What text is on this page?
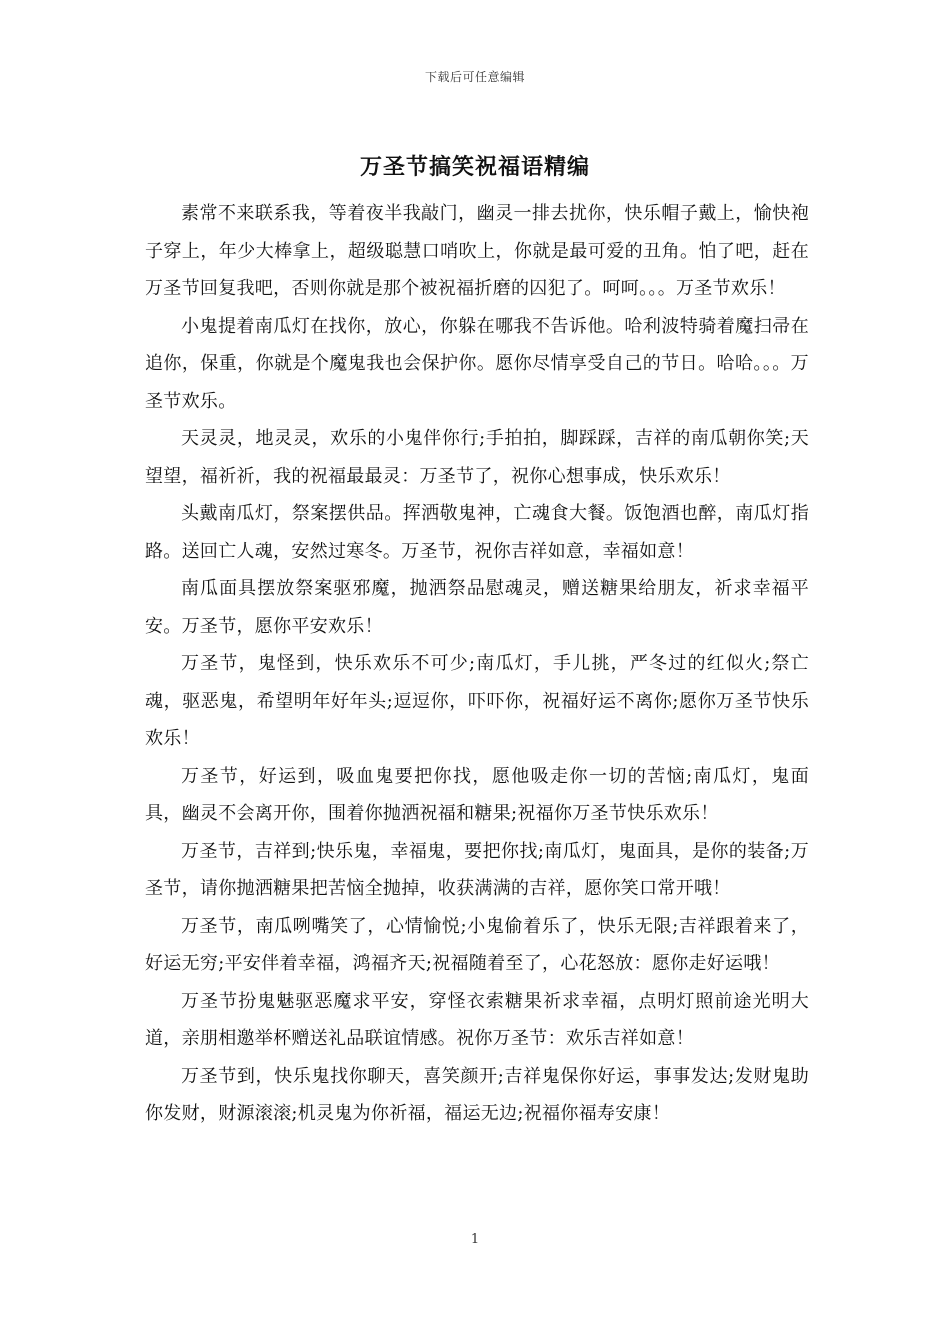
下载后可任意编辑
万圣节搞笑祝福语精编

素常不来联系我，等着夜半我敲门，幽灵一排去扰你，快乐帽子戴上，愉快袍子穿上，年少大棒拿上，超级聪慧口哨吹上，你就是最可爱的丑角。怕了吧，赶在万圣节回复我吧，否则你就是那个被祝福折磨的囚犯了。呵呵。。。万圣节欢乐！

小鬼提着南瓜灯在找你，放心，你躲在哪我不告诉他。哈利波特骑着魔扫帚在追你，保重，你就是个魔鬼我也会保护你。愿你尽情享受自己的节日。哈哈。。。万圣节欢乐。

天灵灵，地灵灵，欢乐的小鬼伴你行;手拍拍，脚踩踩，吉祥的南瓜朝你笑;天望望，福祈祈，我的祝福最最灵：万圣节了，祝你心想事成，快乐欢乐！

头戴南瓜灯，祭案摆供品。挥洒敬鬼神，亡魂食大餐。饭饱酒也醉，南瓜灯指路。送回亡人魂，安然过寒冬。万圣节，祝你吉祥如意，幸福如意！

南瓜面具摆放祭案驱邪魔，抛洒祭品慰魂灵，赠送糖果给朋友，祈求幸福平安。万圣节，愿你平安欢乐！

万圣节，鬼怪到，快乐欢乐不可少;南瓜灯，手儿挑，严冬过的红似火;祭亡魂，驱恶鬼，希望明年好年头;逗逗你，吓吓你，祝福好运不离你;愿你万圣节快乐欢乐！

万圣节，好运到，吸血鬼要把你找，愿他吸走你一切的苦恼;南瓜灯，鬼面具，幽灵不会离开你，围着你抛洒祝福和糖果;祝福你万圣节快乐欢乐！

万圣节，吉祥到;快乐鬼，幸福鬼，要把你找;南瓜灯，鬼面具，是你的装备;万圣节，请你抛洒糖果把苦恼全抛掉，收获满满的吉祥，愿你笑口常开哦！

万圣节，南瓜咧嘴笑了，心情愉悦;小鬼偷着乐了，快乐无限;吉祥跟着来了，好运无穷;平安伴着幸福，鸿福齐天;祝福随着至了，心花怒放：愿你走好运哦！

万圣节扮鬼魅驱恶魔求平安，穿怪衣索糖果祈求幸福，点明灯照前途光明大道，亲朋相邀举杯赠送礼品联谊情感。祝你万圣节：欢乐吉祥如意！

万圣节到，快乐鬼找你聊天，喜笑颜开;吉祥鬼保你好运，事事发达;发财鬼助你发财，财源滚滚;机灵鬼为你祈福，福运无边;祝福你福寿安康！

1
